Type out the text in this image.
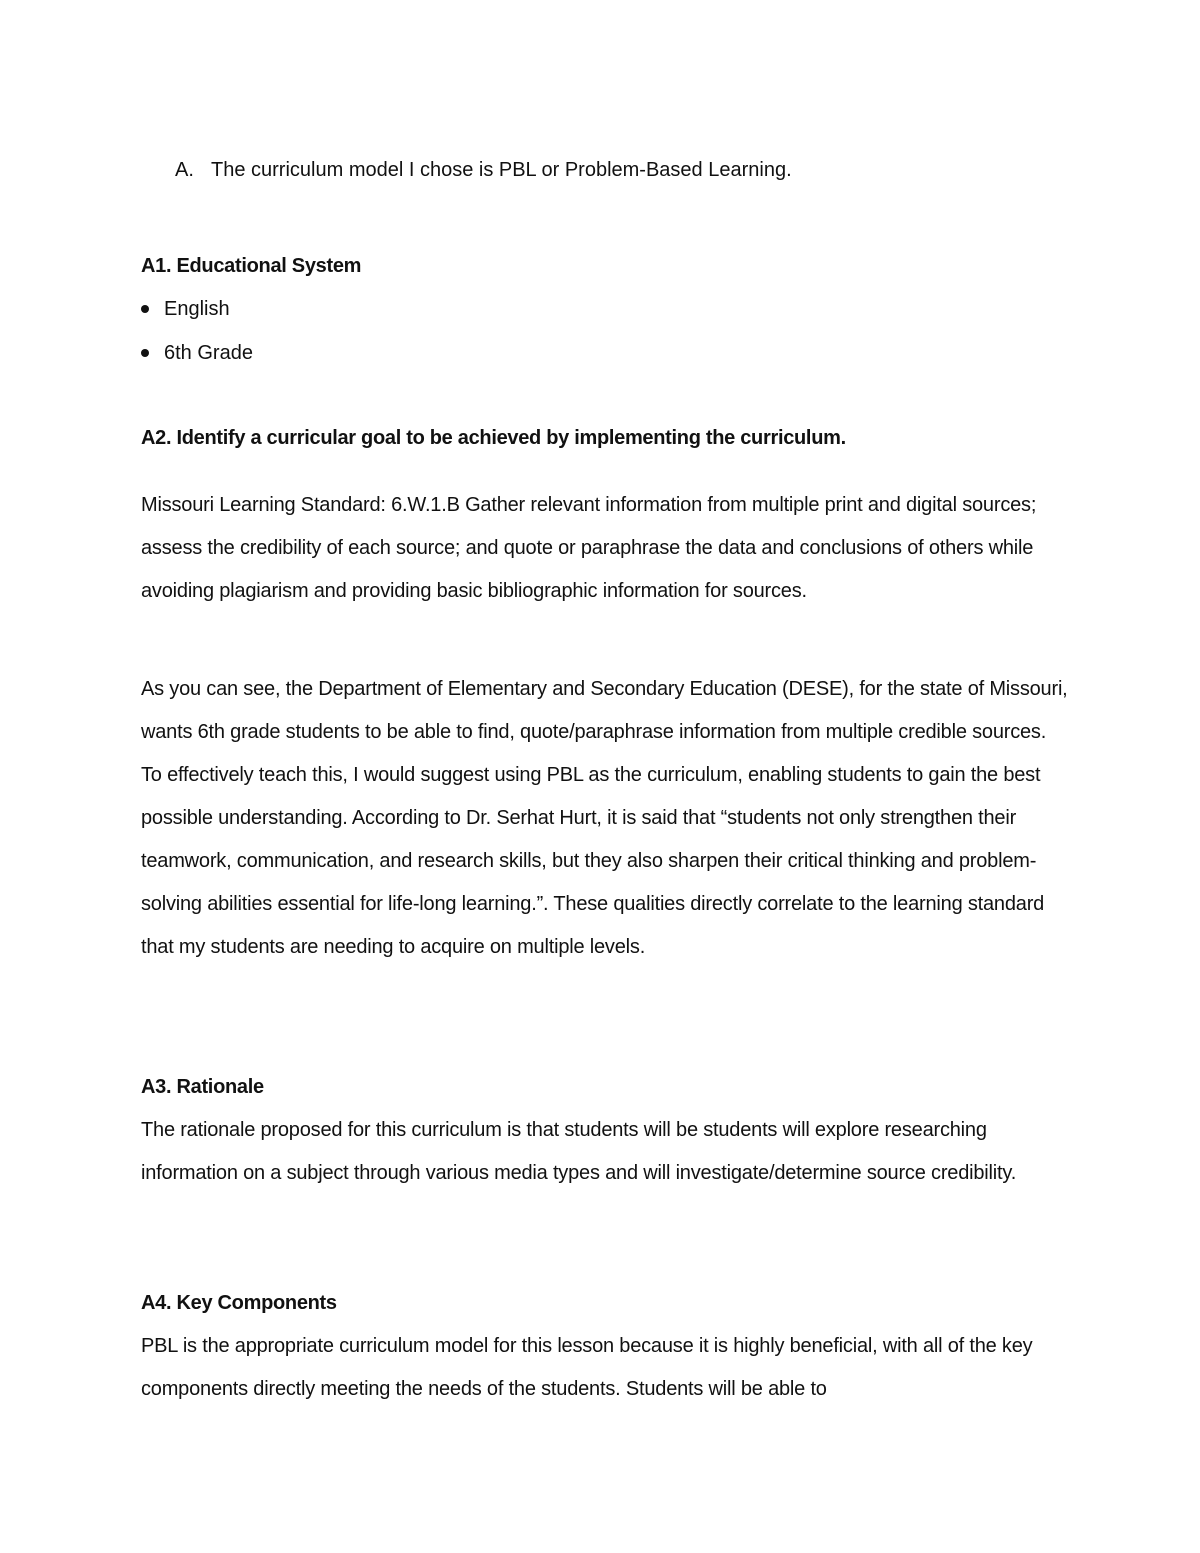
A. The curriculum model I chose is PBL or Problem-Based Learning.
A1. Educational System
English
6th Grade
A2. Identify a curricular goal to be achieved by implementing the curriculum.

Missouri Learning Standard: 6.W.1.B Gather relevant information from multiple print and digital sources; assess the credibility of each source; and quote or paraphrase the data and conclusions of others while avoiding plagiarism and providing basic bibliographic information for sources.

As you can see, the Department of Elementary and Secondary Education (DESE), for the state of Missouri, wants 6th grade students to be able to find, quote/paraphrase information from multiple credible sources. To effectively teach this, I would suggest using PBL as the curriculum, enabling students to gain the best possible understanding. According to Dr. Serhat Hurt, it is said that “students not only strengthen their teamwork, communication, and research skills, but they also sharpen their critical thinking and problem-solving abilities essential for life-long learning.”. These qualities directly correlate to the learning standard that my students are needing to acquire on multiple levels.

A3. Rationale

The rationale proposed for this curriculum is that students will be students will explore researching information on a subject through various media types and will investigate/determine source credibility.

A4. Key Components

PBL is the appropriate curriculum model for this lesson because it is highly beneficial, with all of the key components directly meeting the needs of the students. Students will be able to
